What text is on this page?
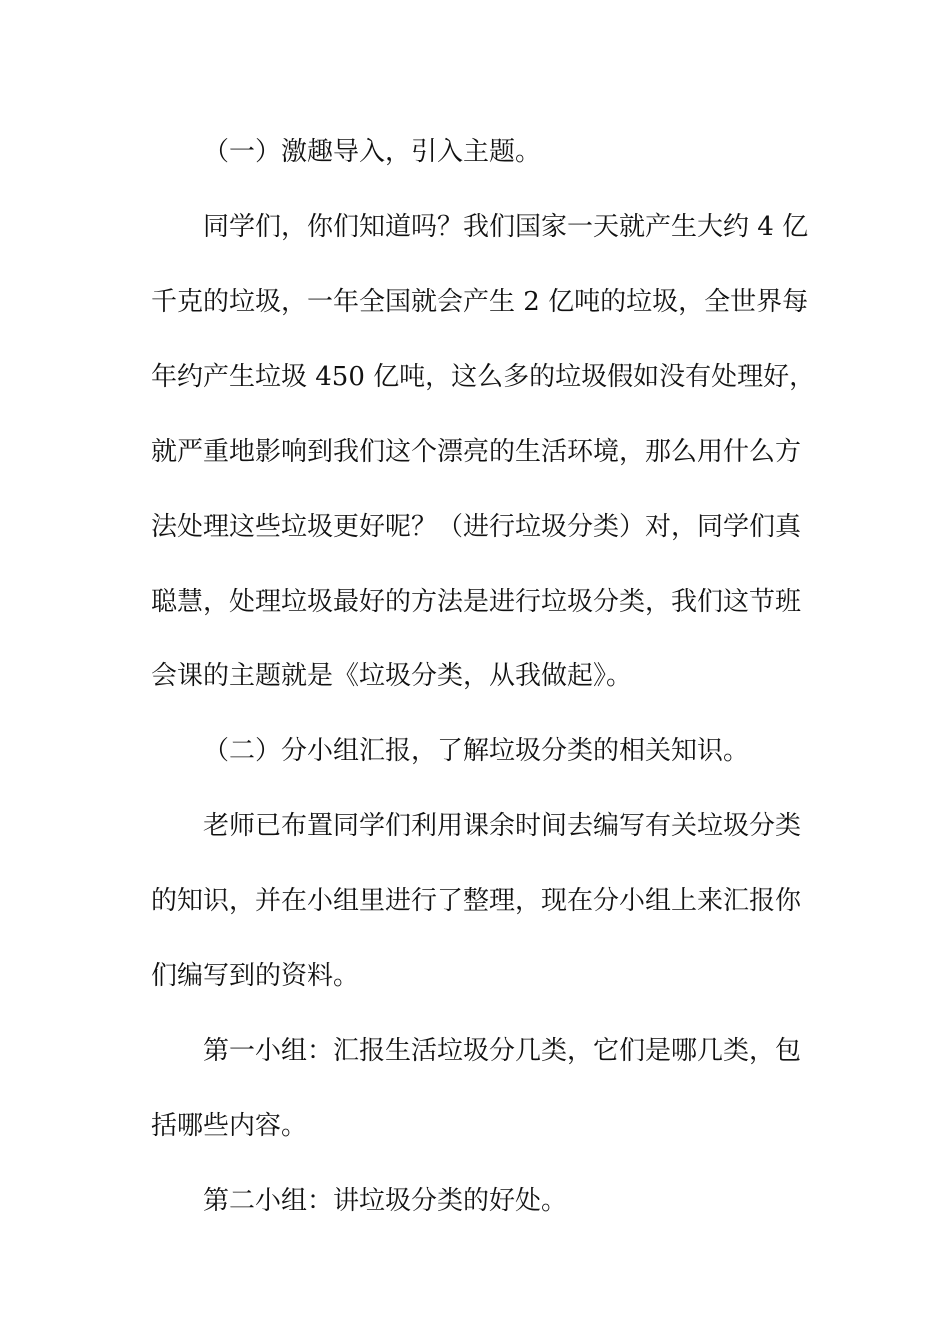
（一）激趣导入，引入主题。
同学们，你们知道吗？我们国家一天就产生大约 4 亿
千克的垃圾，一年全国就会产生 2 亿吨的垃圾，全世界每
年约产生垃圾 450 亿吨，这么多的垃圾假如没有处理好，
就严重地影响到我们这个漂亮的生活环境，那么用什么方
法处理这些垃圾更好呢？（进行垃圾分类）对，同学们真
聪慧，处理垃圾最好的方法是进行垃圾分类，我们这节班
会课的主题就是《垃圾分类，从我做起》。
（二）分小组汇报，了解垃圾分类的相关知识。
老师已布置同学们利用课余时间去编写有关垃圾分类
的知识，并在小组里进行了整理，现在分小组上来汇报你
们编写到的资料。
第一小组：汇报生活垃圾分几类，它们是哪几类，包
括哪些内容。
第二小组：讲垃圾分类的好处。
